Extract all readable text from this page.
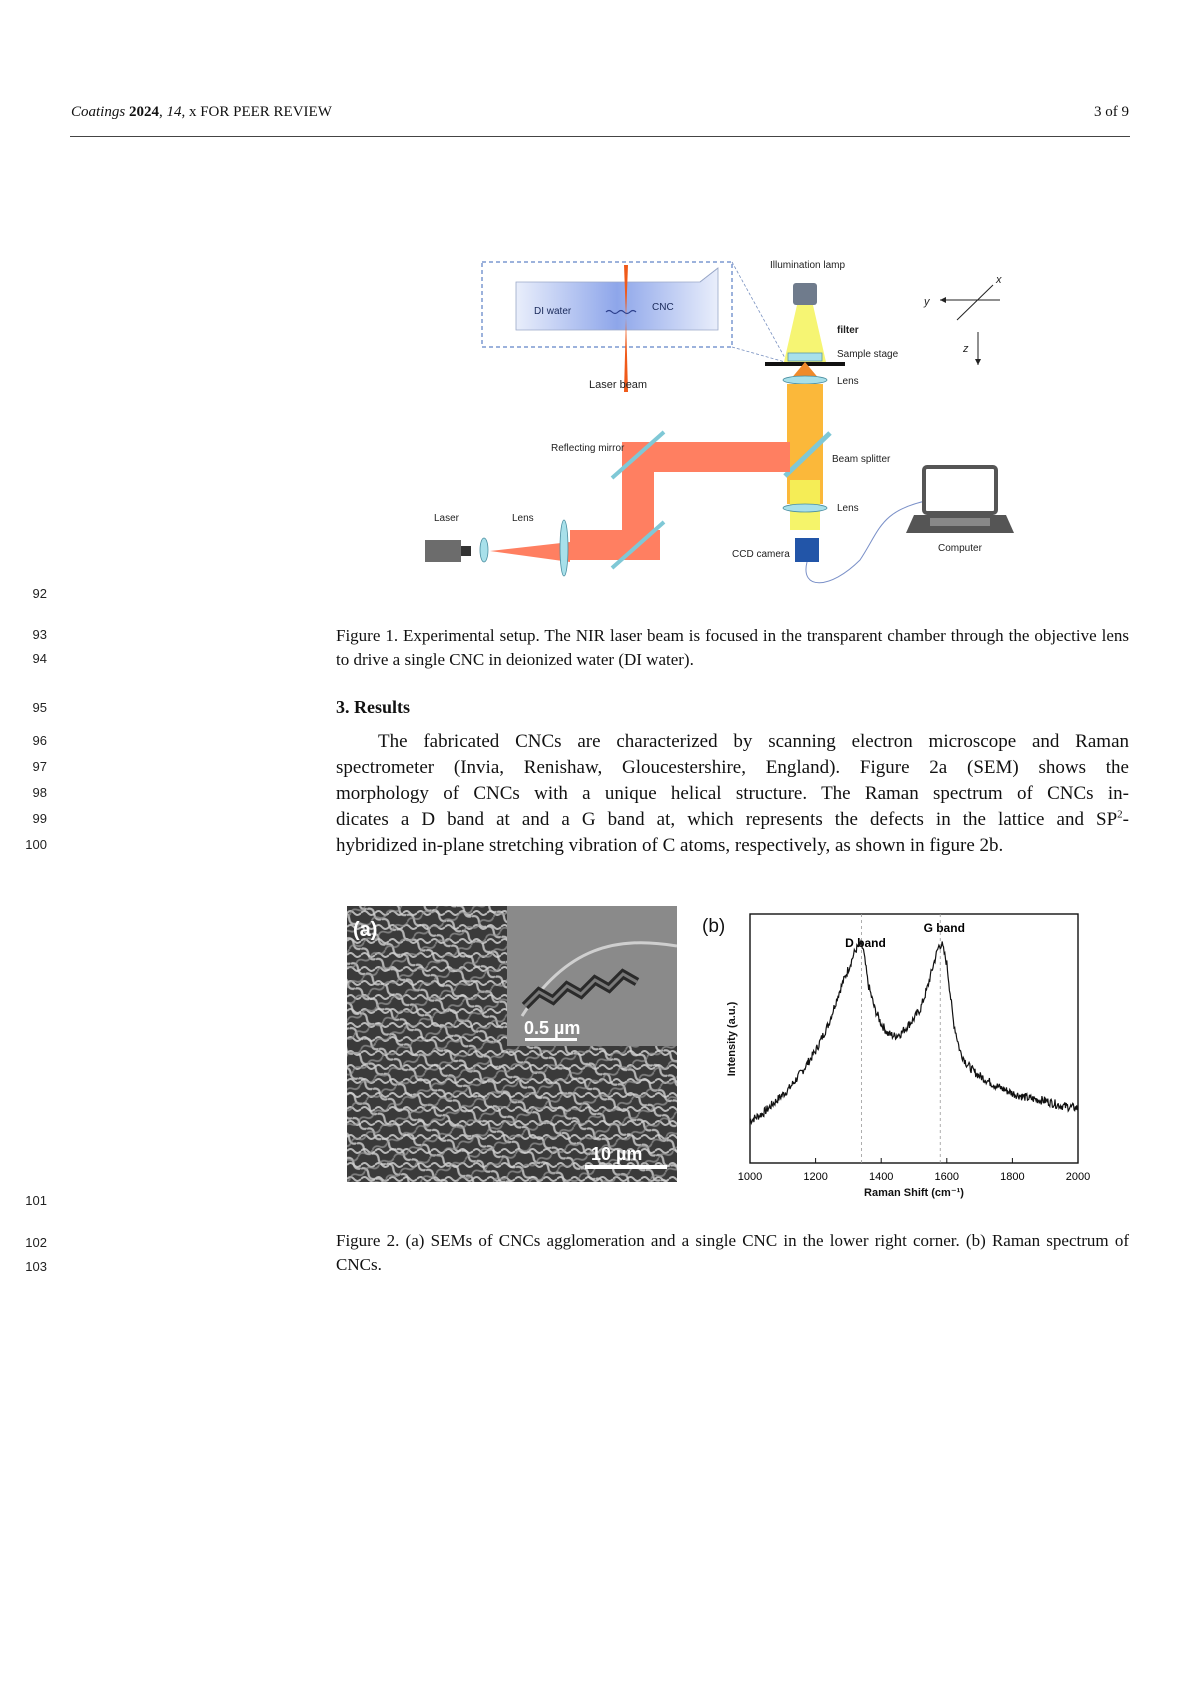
Coatings 2024, 14, x FOR PEER REVIEW	3 of 9
92
93
94
95
96
97
98
99
100
101
102
103
DI water	CNC
Laser beam
Illumination lamp
filter
Sample stage
Lens
Beam splitter
Lens
CCD camera
Computer
Reflecting mirror
Lens
Laser
y
x
z
Figure 1. Experimental setup. The NIR laser beam is focused in the transparent chamber through the objective lens to drive a single CNC in deionized water (DI water).
3. Results
The fabricated CNCs are characterized by scanning electron microscope and Raman
spectrometer (Invia, Renishaw, Gloucestershire, England). Figure 2a (SEM) shows the
morphology of CNCs with a unique helical structure. The Raman spectrum of CNCs in-
dicates a D band at and a G band at, which represents the defects in the lattice and $SP^2-$
hybridized in-plane stretching vibration of C atoms, respectively, as shown in figure 2b.
(a)
0.5 µm
10 µm
(b)
1000	1200	1400	1600	1800	2000
D band
G band
Raman Shift (cm⁻¹)
Intensity (a.u.)
Figure 2. (a) SEMs of CNCs agglomeration and a single CNC in the lower right corner. (b) Raman spectrum of CNCs.
